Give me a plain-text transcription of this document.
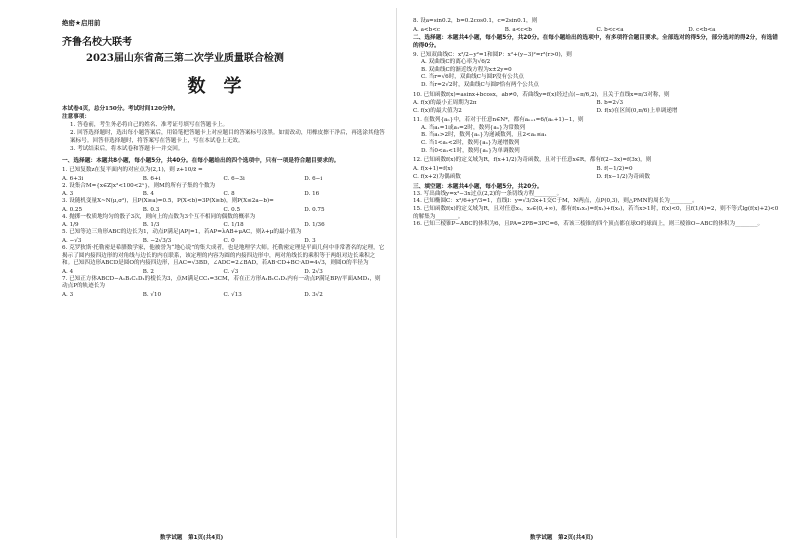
绝密★启用前
齐鲁名校大联考
2023届山东省高三第二次学业质量联合检测
数学
本试卷4页，总分150分。考试时间120分钟。
注意事项：
1. 答卷前，考生务必将自己的姓名、准考证号填写在答题卡上。
2. 回答选择题时，选出每小题答案后，用铅笔把答题卡上对应题目的答案标号涂黑。如需改动，用橡皮擦干净后，再选涂其他答案标号。回答非选择题时，将答案写在答题卡上，写在本试卷上无效。
3. 考试结束后，将本试卷和答题卡一并交回。
一、选择题：本题共8小题，每小题5分，共40分。在每小题给出的四个选项中，只有一项是符合题目要求的。
1. 已知复数z在复平面内的对应点为(2,1)，则 z+10/z̄ =
A. 6+3i	B. 6+i	C. 6−3i	D. 6−i
2. 设集合M={x∈Z|x²<100<2ˣ}，则M的所有子集的个数为
A. 3	B. 4	C. 8	D. 16
3. 设随机变量X~N(μ,σ²)，且P(X≥a)=0.5，P(X<b)=3P(X≥b)，则P(X≤2a−b)=
A. 0.25	B. 0.3	C. 0.5	D. 0.75
4. 抛掷一枚质地均匀的骰子3次，则向上的点数为3个互不相同的偶数的概率为
A. 1/9	B. 1/3	C. 1/18	D. 1/36
5. 已知等边三角形ABC的边长为1，动点P满足|AP|=1，若AP=λAB+μAC，则λ+μ的最小值为
A. −√3	B. −2√3/3	C. 0	D. 3
6. 克罗狄斯·托勒密是希腊数学家，他被誉为“地心说”的集大成者，也是地理学大师。托勒密定理是平面几何中非常著名的定理，它揭示了圆内接四边形的对角线与边长的内在联系，该定理的内容为圆的内接四边形中，两对角线长的乘积等于两组对边长乘积之和。已知四边形ABCD是圆O的内接四边形，且AC=√3BD，∠ADC=2∠BAD，若AB·CD+BC·AD=4√3，则圆O的半径为
A. 4	B. 2	C. √3	D. 2√3
7. 已知正方体ABCD−A₁B₁C₁D₁的棱长为3，点M满足CC₁=3CM，若在正方形A₁B₁C₁D₁内有一动点P满足BP//平面AMD₁，则动点P的轨迹长为
A. 3	B. √10	C. √13	D. 3√2
数学试题　第1页(共4页)
8. 设a=sin0.2，b=0.2cos0.1，c=2sin0.1，则
A. a<b<c	B. a<c<b	C. b<c<a	D. c<b<a
二、选择题：本题共4小题，每小题5分，共20分。在每小题给出的选项中，有多项符合题目要求。全部选对的得5分，部分选对的得2分，有选错的得0分。
9. 已知双曲线C：x²/2−y²=1和圆P：x²+(y−3)²=r²(r>0)，则
A. 双曲线C的离心率为√6/2
B. 双曲线C的渐近线方程为x±2y=0
C. 当r=√6时，双曲线C与圆P没有公共点
D. 当r=2√2时，双曲线C与圆P恰有两个公共点
10. 已知函数f(x)=asinx+bcosx，ab≠0，若曲线y=f(x)经过点(−π/6,2)，且关于直线x=π/3对称，则
A. f(x)的最小正周期为2π	B. b=2√3
C. f(x)的最大值为2	D. f(x)在区间(0,π/6)上单调递增
11. 在数列{aₙ}中，若对于任意n∈N*，都有aₙ₊₁=6/(aₙ+1)−1，则
A. 当a₁=1或a₁=2时，数列{aₙ}为常数列
B. 当a₁>2时，数列{aₙ}为递减数列，且2<aₙ≤a₁
C. 当1<a₁<2时，数列{aₙ}为递增数列
D. 当0<a₁<1时，数列{aₙ}为单调数列
12. 已知函数f(x)的定义域为R，f(x+1/2)为奇函数，且对于任意x∈R，都有f(2−3x)=f(3x)，则
A. f(x+1)=f(x)	B. f(−1/2)=0
C. f(x+2)为偶函数	D. f(x−1/2)为奇函数
三、填空题：本题共4小题，每小题5分，共20分。
13. 写出曲线y=x³−3x过点(2,2)的一条切线方程________。
14. 已知椭圆C：x²/6+y²/3=1，直线l：y=√3/3x+1交C于M，N两点，点P(0,3)，则△PMN的周长为________。
15. 已知函数f(x)的定义域为R，且对任意x₁，x₂∈(0,+∞)，都有f(x₁x₂)=f(x₁)+f(x₂)，若当x>1时，f(x)<0，且f(1/4)=2，则不等式lg(f(x)+2)<0的解集为________。
16. 已知三棱锥P−ABC的体积为6，且PA=2PB=3PC=6，若该三棱锥的四个顶点都在球O的球面上，则三棱锥O−ABC的体积为________。
数学试题　第2页(共4页)
